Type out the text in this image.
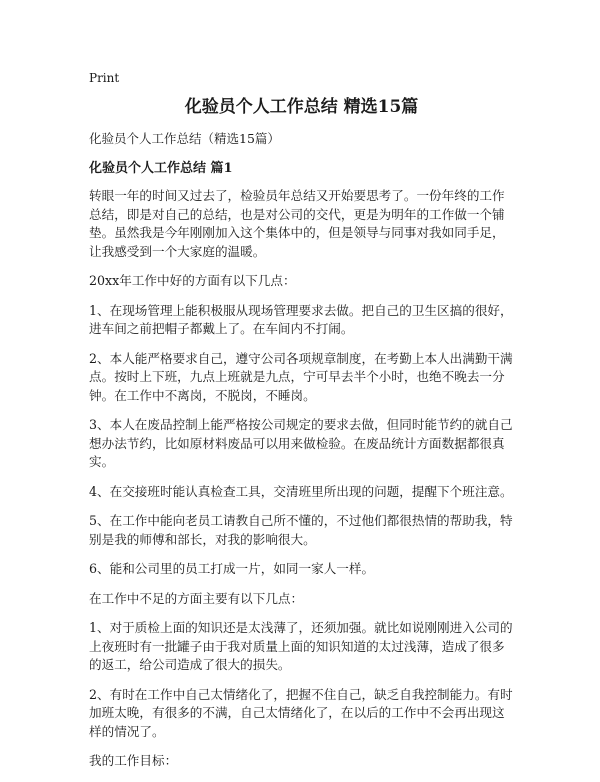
Print
化验员个人工作总结 精选15篇
化验员个人工作总结（精选15篇）
化验员个人工作总结 篇1
转眼一年的时间又过去了，检验员年总结又开始要思考了。一份年终的工作总结，即是对自己的总结，也是对公司的交代，更是为明年的工作做一个铺垫。虽然我是今年刚刚加入这个集体中的，但是领导与同事对我如同手足，让我感受到一个大家庭的温暖。
20xx年工作中好的方面有以下几点：
1、在现场管理上能积极服从现场管理要求去做。把自己的卫生区搞的很好，进车间之前把帽子都戴上了。在车间内不打闹。
2、本人能严格要求自己，遵守公司各项规章制度，在考勤上本人出满勤干满点。按时上下班，九点上班就是九点，宁可早去半个小时，也绝不晚去一分钟。在工作中不离岗，不脱岗，不睡岗。
3、本人在废品控制上能严格按公司规定的要求去做，但同时能节约的就自己想办法节约，比如原材料废品可以用来做检验。在废品统计方面数据都很真实。
4、在交接班时能认真检查工具，交清班里所出现的问题，提醒下个班注意。
5、在工作中能向老员工请教自己所不懂的，不过他们都很热情的帮助我，特别是我的师傅和部长，对我的影响很大。
6、能和公司里的员工打成一片，如同一家人一样。
在工作中不足的方面主要有以下几点：
1、对于质检上面的知识还是太浅薄了，还须加强。就比如说刚刚进入公司的上夜班时有一批罐子由于我对质量上面的知识知道的太过浅薄，造成了很多的返工，给公司造成了很大的损失。
2、有时在工作中自己太情绪化了，把握不住自己，缺乏自我控制能力。有时加班太晚，有很多的不满，自己太情绪化了，在以后的工作中不会再出现这样的情况了。
我的工作目标：
